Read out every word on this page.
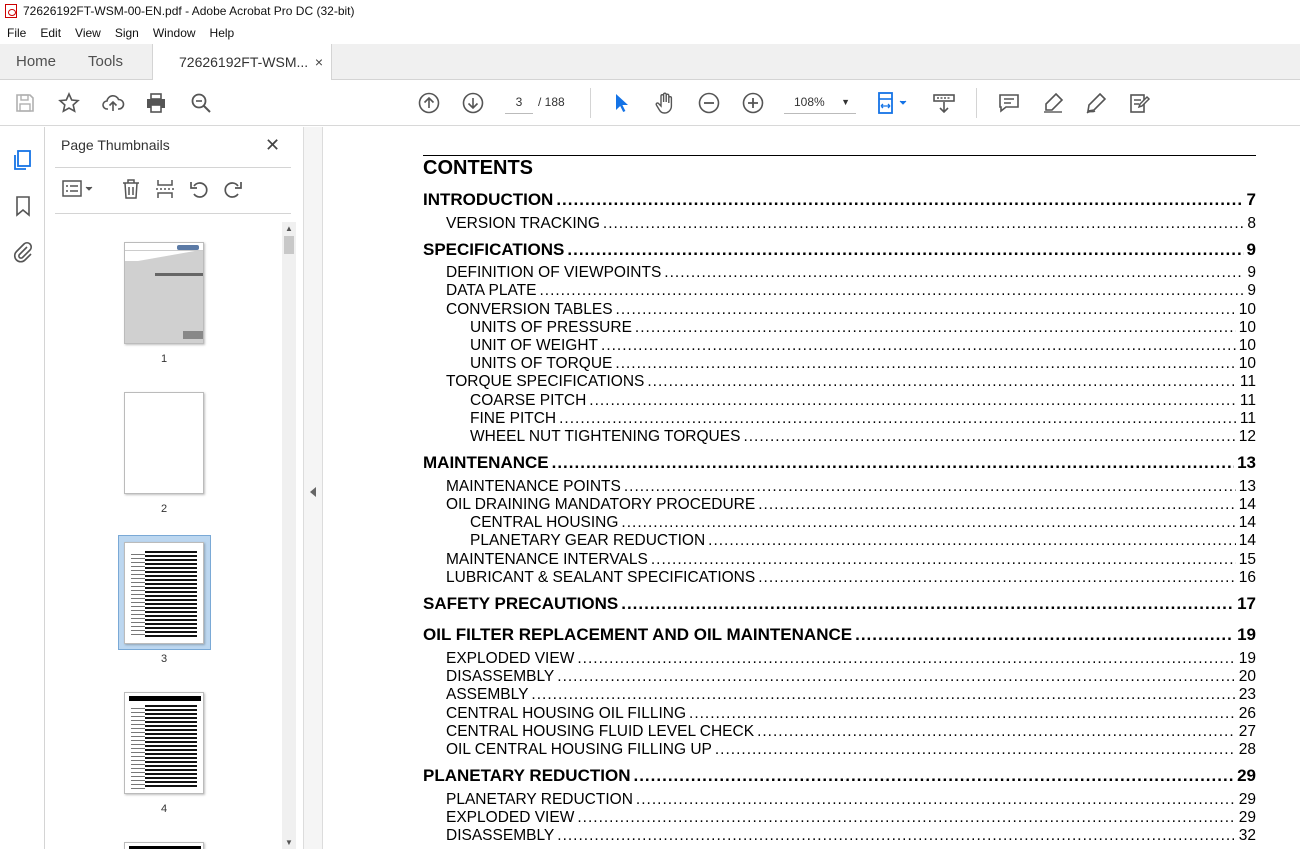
72626192FT-WSM-00-EN.pdf - Adobe Acrobat Pro DC (32-bit)
File	Edit	View	Sign	Window	Help
Home Tools	72626192FT-WSM... ×
3	/ 188	108% ▼
Page Thumbnails	✕
1
2
3
4
▲
▼
CONTENTS
INTRODUCTION .....	7
VERSION TRACKING .....	8
SPECIFICATIONS .....	9
DEFINITION OF VIEWPOINTS .....	9
DATA PLATE .....	9
CONVERSION TABLES .....	10
UNITS OF PRESSURE .....	10
UNIT OF WEIGHT .....	10
UNITS OF TORQUE .....	10
TORQUE SPECIFICATIONS .....	11
COARSE PITCH .....	11
FINE PITCH .....	11
WHEEL NUT TIGHTENING TORQUES .....	12
MAINTENANCE .....	13
MAINTENANCE POINTS .....	13
OIL DRAINING MANDATORY PROCEDURE .....	14
CENTRAL HOUSING .....	14
PLANETARY GEAR REDUCTION .....	14
MAINTENANCE INTERVALS .....	15
LUBRICANT & SEALANT SPECIFICATIONS .....	16
SAFETY PRECAUTIONS .....	17
OIL FILTER REPLACEMENT AND OIL MAINTENANCE .....	19
EXPLODED VIEW .....	19
DISASSEMBLY .....	20
ASSEMBLY .....	23
CENTRAL HOUSING OIL FILLING .....	26
CENTRAL HOUSING FLUID LEVEL CHECK .....	27
OIL CENTRAL HOUSING FILLING UP .....	28
PLANETARY REDUCTION .....	29
PLANETARY REDUCTION .....	29
EXPLODED VIEW .....	29
DISASSEMBLY .....	32
